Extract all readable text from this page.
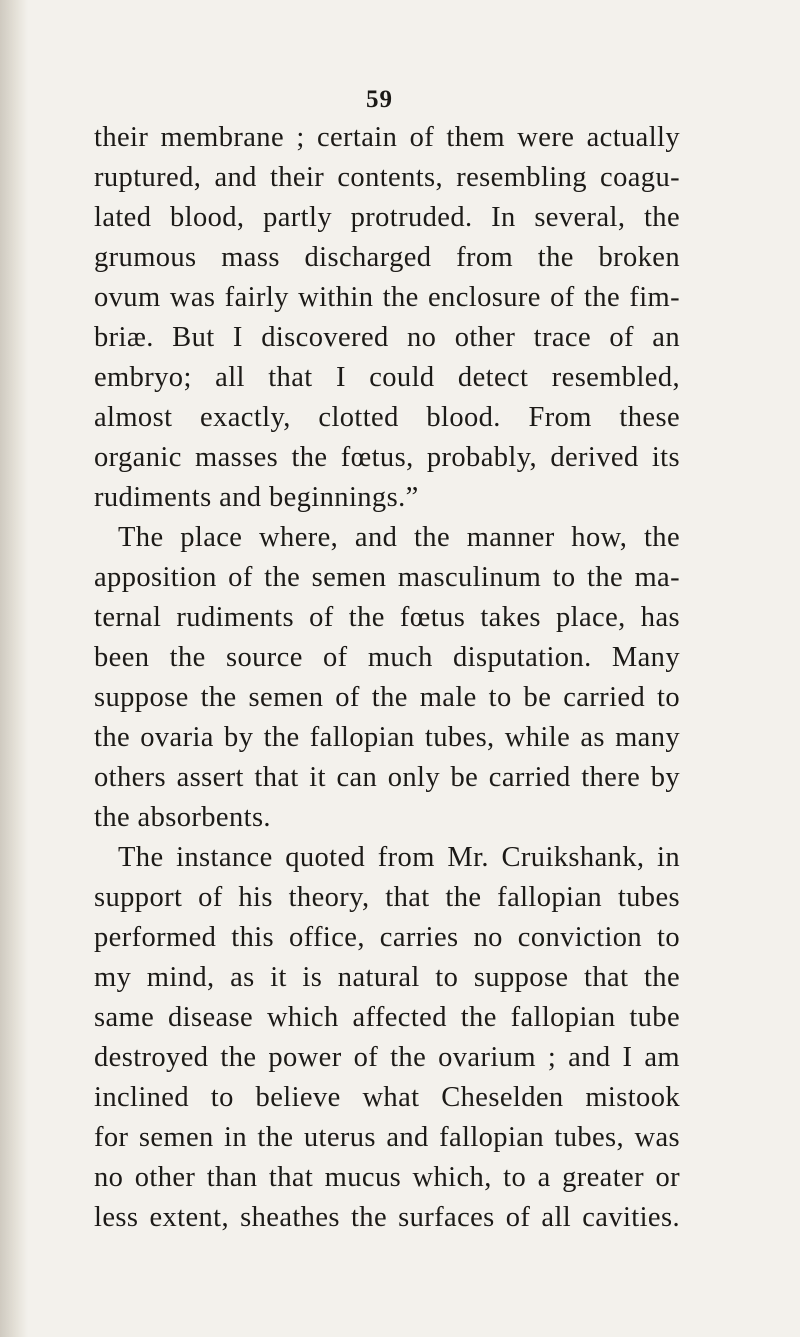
59
their membrane ; certain of them were actually
ruptured, and their contents, resembling coagu-
lated blood, partly protruded. In several, the
grumous mass discharged from the broken
ovum was fairly within the enclosure of the fim-
briæ. But I discovered no other trace of an
embryo; all that I could detect resembled,
almost exactly, clotted blood. From these
organic masses the fœtus, probably, derived its
rudiments and beginnings.”
The place where, and the manner how, the
apposition of the semen masculinum to the ma-
ternal rudiments of the fœtus takes place, has
been the source of much disputation. Many
suppose the semen of the male to be carried to
the ovaria by the fallopian tubes, while as many
others assert that it can only be carried there by
the absorbents.
The instance quoted from Mr. Cruikshank, in
support of his theory, that the fallopian tubes
performed this office, carries no conviction to
my mind, as it is natural to suppose that the
same disease which affected the fallopian tube
destroyed the power of the ovarium ; and I am
inclined to believe what Cheselden mistook
for semen in the uterus and fallopian tubes, was
no other than that mucus which, to a greater or
less extent, sheathes the surfaces of all cavities.
